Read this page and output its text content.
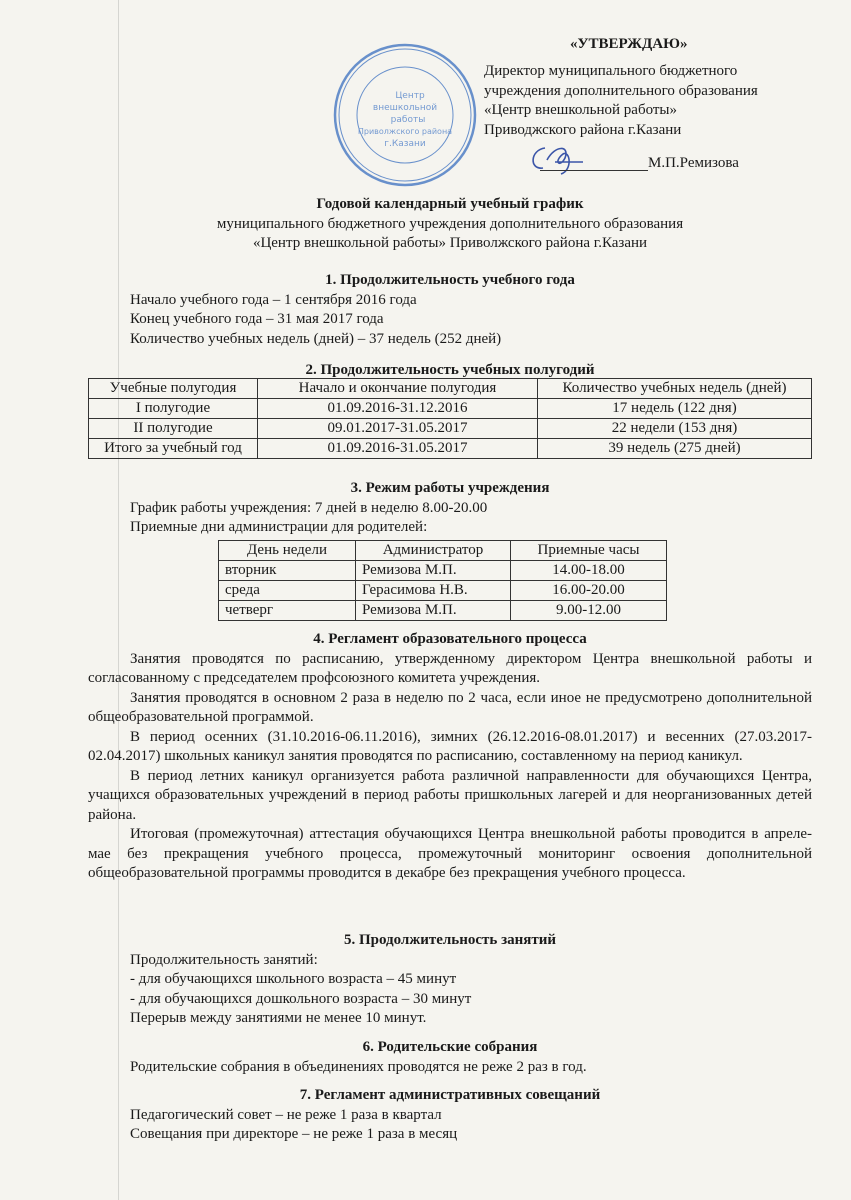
Центр
внешкольной
работы
Приволжского района
г.Казани
«УТВЕРЖДАЮ»
Директор муниципального бюджетного
учреждения дополнительного образования
«Центр внешкольной работы»
Приводжского района г.Казани
М.П.Ремизова
Годовой календарный учебный график
муниципального бюджетного учреждения дополнительного образования
«Центр внешкольной работы» Приволжского района г.Казани
1. Продолжительность учебного года
Начало учебного года – 1 сентября 2016 года
Конец учебного года – 31 мая 2017 года
Количество учебных недель (дней) – 37 недель (252 дней)
2. Продолжительность учебных полугодий
Учебные полугодия	Начало и окончание полугодия	Количество учебных недель (дней)
I полугодие	01.09.2016-31.12.2016	17 недель (122 дня)
II полугодие	09.01.2017-31.05.2017	22 недели (153 дня)
Итого за учебный год	01.09.2016-31.05.2017	39 недель (275 дней)
3. Режим работы учреждения
График работы учреждения: 7 дней в неделю 8.00-20.00
Приемные дни администрации для родителей:
День недели	Администратор	Приемные часы
вторник	Ремизова М.П.	14.00-18.00
среда	Герасимова Н.В.	16.00-20.00
четверг	Ремизова М.П.	9.00-12.00
4. Регламент образовательного процесса

Занятия проводятся по расписанию, утвержденному директором Центра внешкольной работы и согласованному с председателем профсоюзного комитета учреждения.

Занятия проводятся в основном 2 раза в неделю по 2 часа, если иное не предусмотрено дополнительной общеобразовательной программой.

В период осенних (31.10.2016-06.11.2016), зимних (26.12.2016-08.01.2017) и весенних (27.03.2017-02.04.2017) школьных каникул занятия проводятся по расписанию, составленному на период каникул.

В период летних каникул организуется работа различной направленности для обучающихся Центра, учащихся образовательных учреждений в период работы пришкольных лагерей и для неорганизованных детей района.

Итоговая (промежуточная) аттестация обучающихся Центра внешкольной работы проводится в апреле-мае без прекращения учебного процесса, промежуточный мониторинг освоения дополнительной общеобразовательной программы проводится в декабре без прекращения учебного процесса.

5. Продолжительность занятий
Продолжительность занятий:
- для обучающихся школьного возраста – 45 минут
- для обучающихся дошкольного возраста – 30 минут
Перерыв между занятиями не менее 10 минут.
6. Родительские собрания
Родительские собрания в объединениях проводятся не реже 2 раз в год.
7. Регламент административных совещаний
Педагогический совет – не реже 1 раза в квартал
Совещания при директоре – не реже 1 раза в месяц
